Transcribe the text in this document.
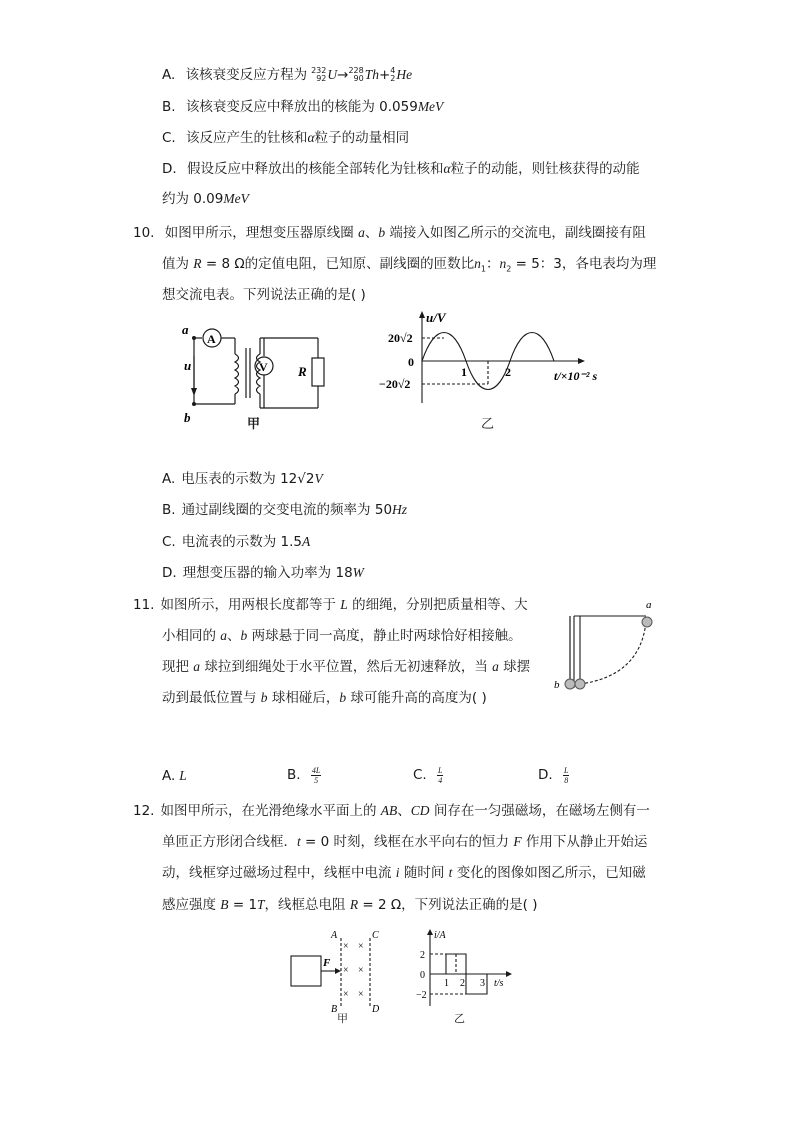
A. 该核衰变反应方程为 232
92 U→ 228
90 Th+ 4
2 He
B. 该核衰变反应中释放出的核能为 0.059MeV
C. 该反应产生的钍核和α粒子的动量相同
D. 假设反应中释放出的核能全部转化为钍核和α粒子的动能，则钍核获得的动能
约为 0.09MeV
10. 如图甲所示，理想变压器原线圈 a、b 端接入如图乙所示的交流电，副线圈接有阻
值为 R = 8 Ω的定值电阻，已知原、副线圈的匝数比$n_1$：$n_2 = 5$：3，各电表均为理
想交流电表。下列说法正确的是( )
a
u
b
A
V R
甲
u/V
20√2
0
−20√2
1	2	t/×10⁻² s
乙
A. 电压表的示数为 12√2V
B. 通过副线圈的交变电流的频率为 50Hz
C. 电流表的示数为 1.5A
D. 理想变压器的输入功率为 18W
11. 如图所示，用两根长度都等于 L 的细绳，分别把质量相等、大
小相同的 a、b 两球悬于同一高度，静止时两球恰好相接触。
现把 a 球拉到细绳处于水平位置，然后无初速释放，当 a 球摆
动到最低位置与 b 球相碰后，b 球可能升高的高度为( )
a
b
A. L	B. $\frac{4L}{5}$	C. $\frac{L}{4}$	D. $\frac{L}{8}$
12. 如图甲所示，在光滑绝缘水平面上的 AB、CD 间存在一匀强磁场，在磁场左侧有一
单匝正方形闭合线框．t = 0 时刻，线框在水平向右的恒力 F 作用下从静止开始运
动，线框穿过磁场过程中，线框中电流 i 随时间 t 变化的图像如图乙所示，已知磁
感应强度 B = 1T，线框总电阻 R = 2 Ω，下列说法正确的是( )
F
A
B
C
D
× ×
× ×
× ×
甲
i/A
2
0
−2
1 2 3 t/s
乙
